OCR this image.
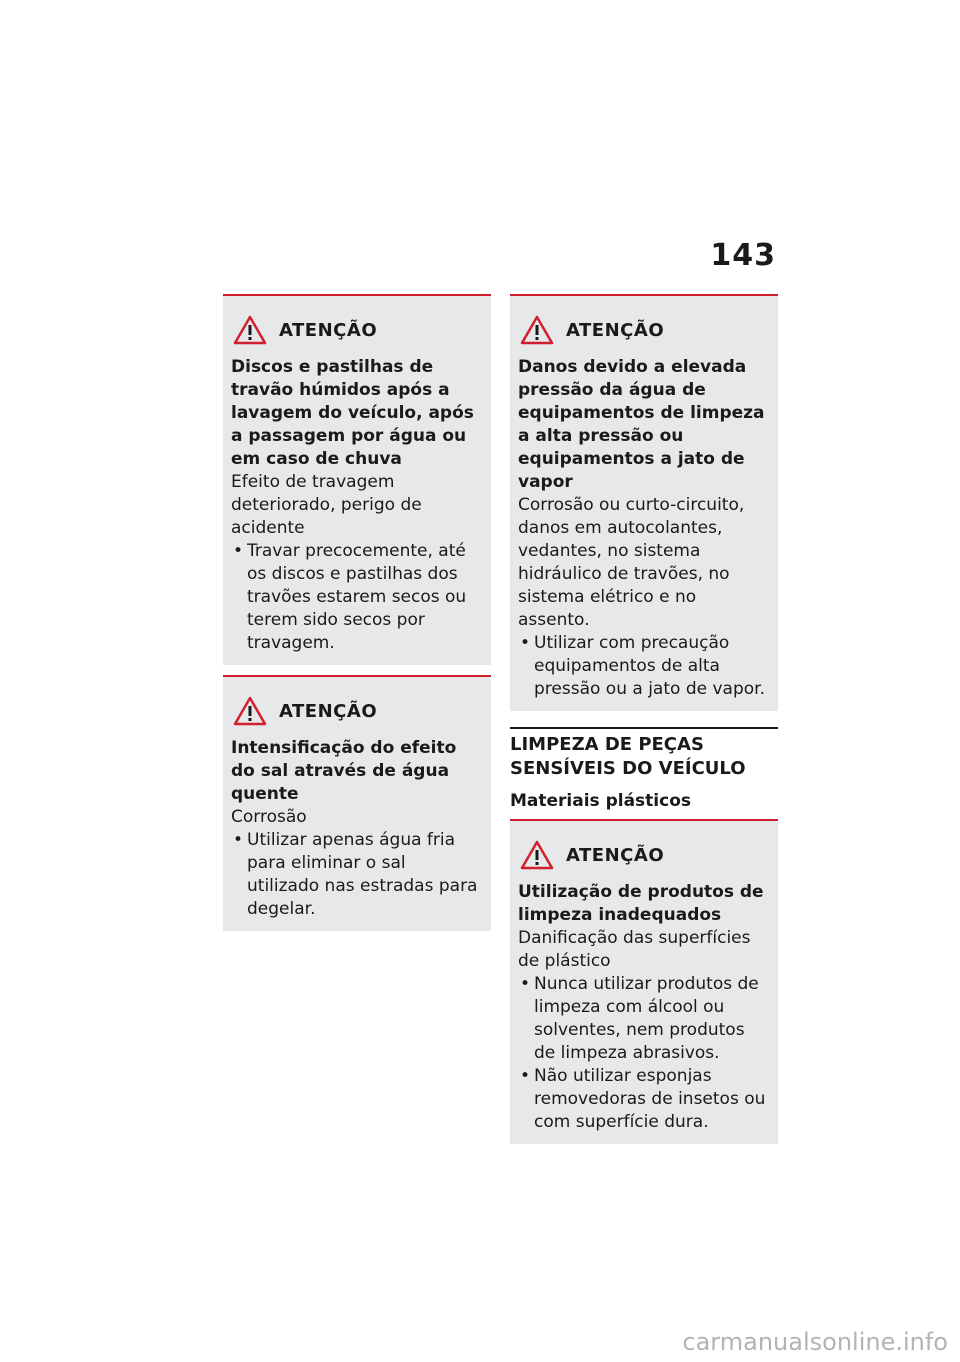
143
ATENÇÃO
Discos e pastilhas de travão húmidos após a lavagem do veículo, após a passagem por água ou em caso de chuva
Efeito de travagem deteriorado, perigo de acidente
• Travar precocemente, até os discos e pastilhas dos travões estarem secos ou terem sido secos por travagem.
ATENÇÃO
Intensificação do efeito do sal através de água quente
Corrosão
• Utilizar apenas água fria para eliminar o sal utilizado nas estradas para degelar.
ATENÇÃO
Danos devido a elevada pressão da água de equipamentos de limpeza a alta pressão ou equipamentos a jato de vapor
Corrosão ou curto-circuito, danos em autocolantes, vedantes, no sistema hidráulico de travões, no sistema elétrico e no assento.
• Utilizar com precaução equipamentos de alta pressão ou a jato de vapor.
LIMPEZA DE PEÇAS SENSÍVEIS DO VEÍCULO
Materiais plásticos
ATENÇÃO
Utilização de produtos de limpeza inadequados
Danificação das superfícies de plástico
• Nunca utilizar produtos de limpeza com álcool ou solventes, nem produtos de limpeza abrasivos.
• Não utilizar esponjas removedoras de insetos ou com superfície dura.
carmanualsonline.info
